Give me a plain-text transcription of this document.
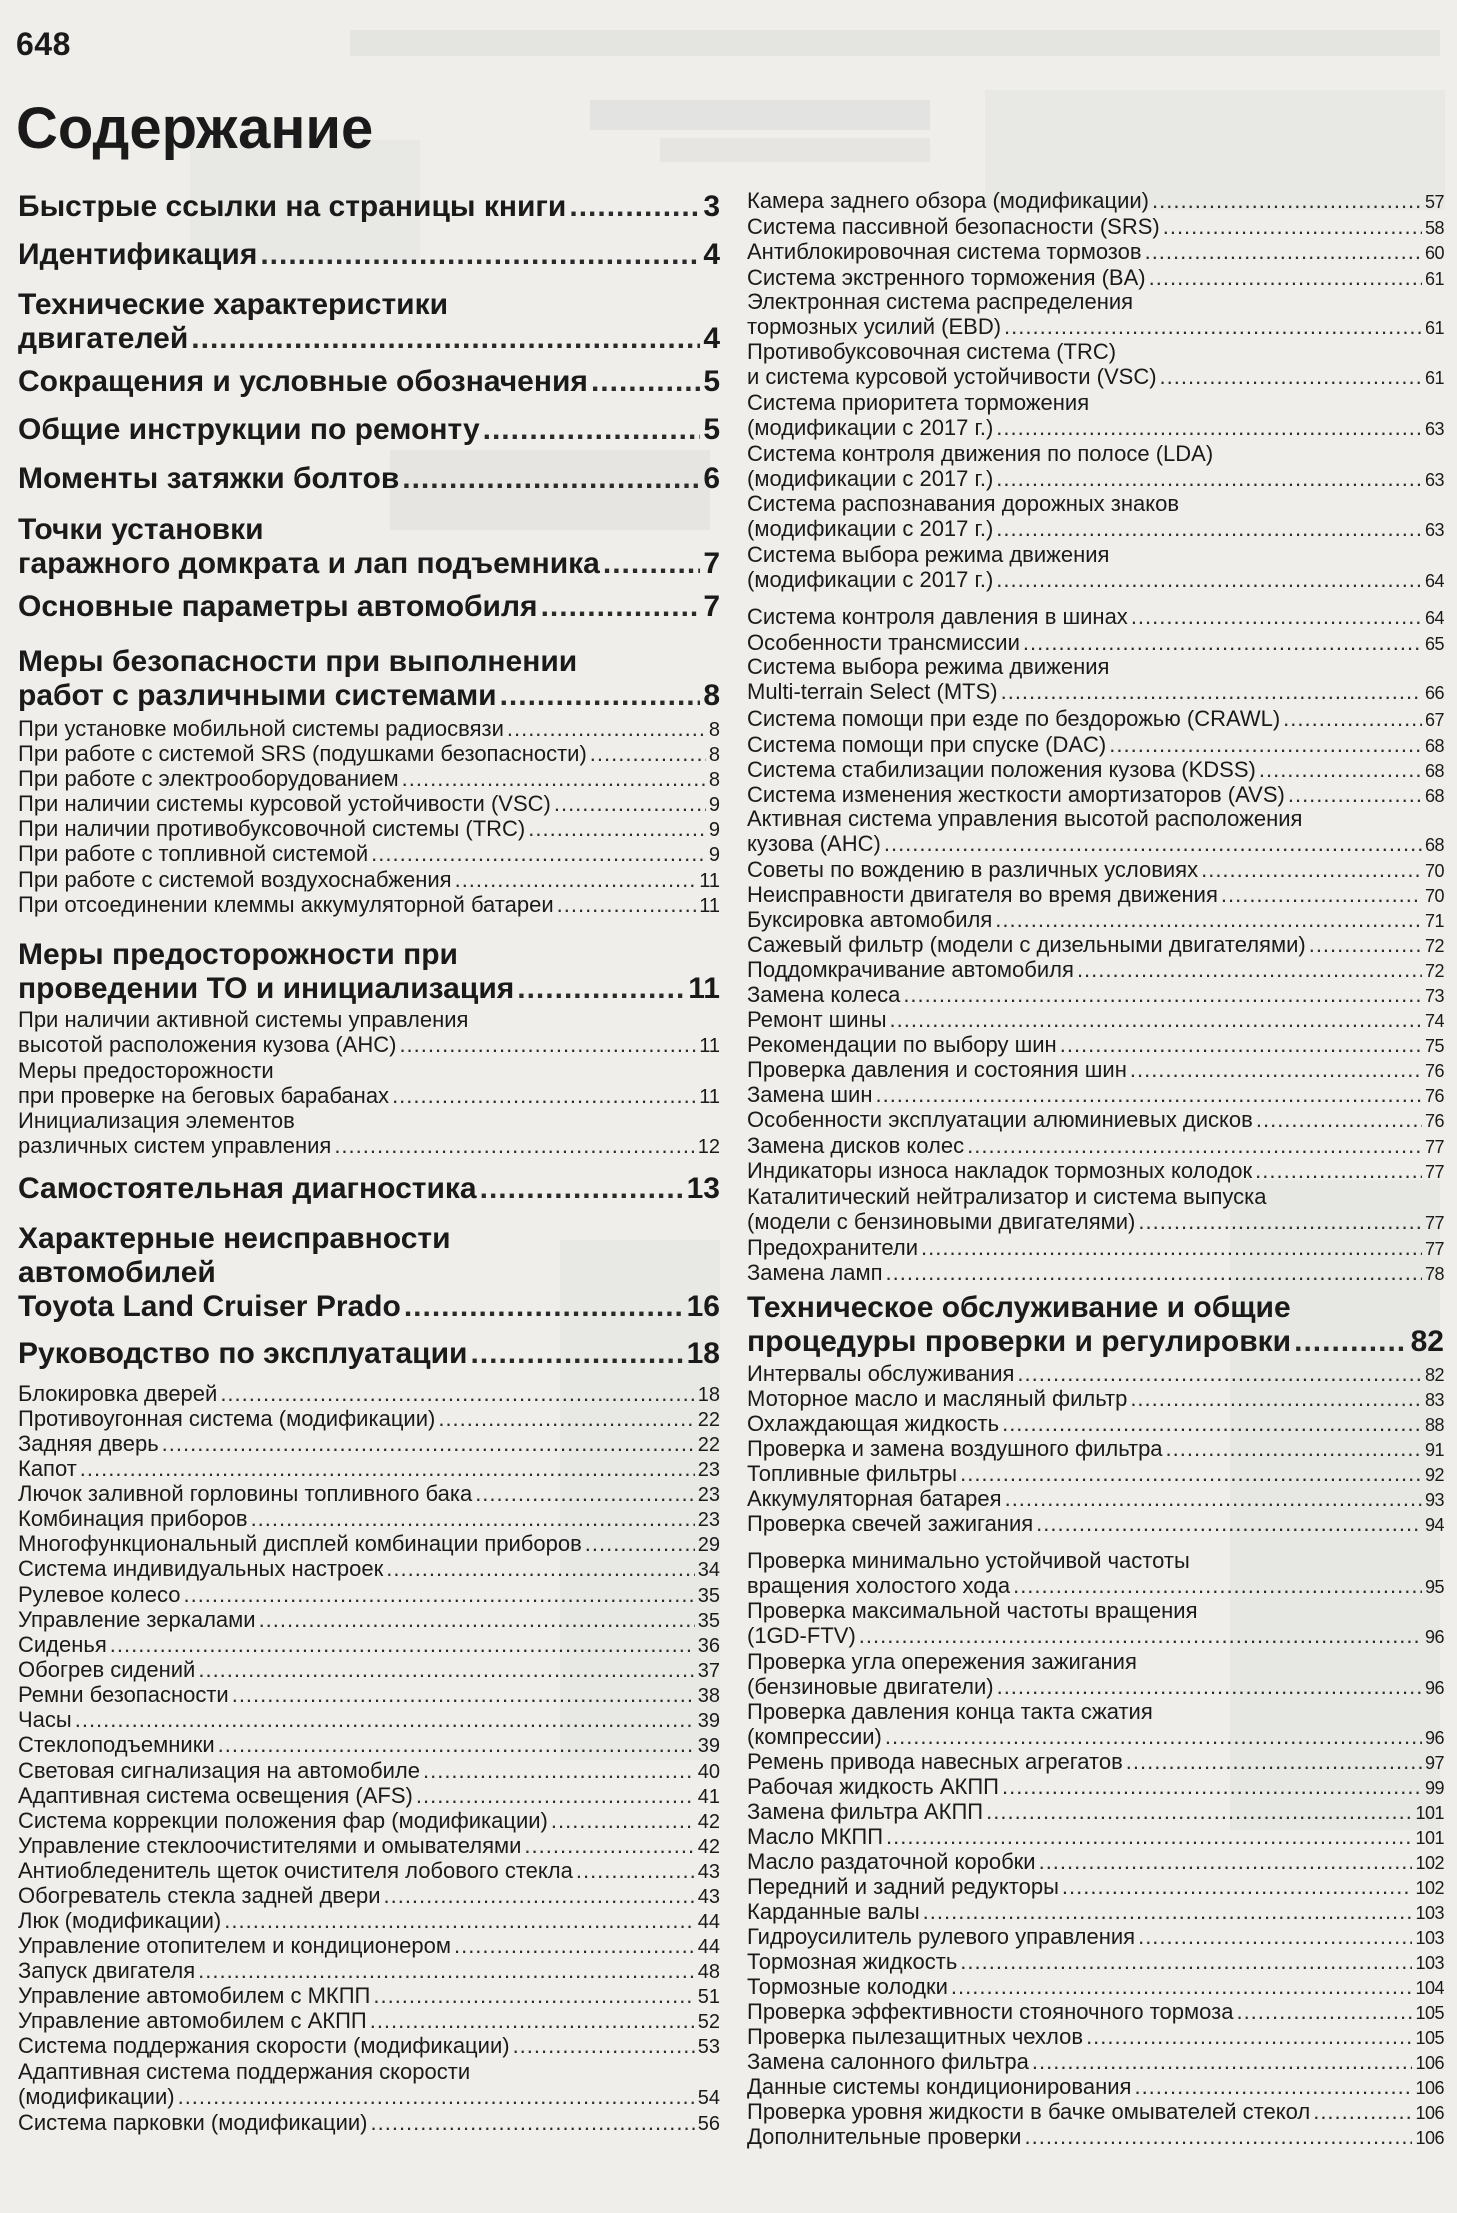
648
Содержание
Быстрые ссылки на страницы книги .....	3
Идентификация .....	4
Технические характеристики
двигателей .....	4
Сокращения и условные обозначения .....	5
Общие инструкции по ремонту .....	5
Моменты затяжки болтов .....	6
Точки установки
гаражного домкрата и лап подъемника .....	7
Основные параметры автомобиля .....	7
Меры безопасности при выполнении
работ с различными системами .....	8
При установке мобильной системы радиосвязи .....	8
При работе с системой SRS (подушками безопасности) .....	8
При работе с электрооборудованием .....	8
При наличии системы курсовой устойчивости (VSC) .....	9
При наличии противобуксовочной системы (TRC) .....	9
При работе с топливной системой .....	9
При работе с системой воздухоснабжения .....	11
При отсоединении клеммы аккумуляторной батареи .....	11
Меры предосторожности при
проведении ТО и инициализация .....	11
При наличии активной системы управления
высотой расположения кузова (AHC) .....	11
Меры предосторожности
при проверке на беговых барабанах .....	11
Инициализация элементов
различных систем управления .....	12
Самостоятельная диагностика .....	13
Характерные неисправности
автомобилей
Toyota Land Cruiser Prado .....	16
Руководство по эксплуатации .....	18
Блокировка дверей .....	18
Противоугонная система (модификации) .....	22
Задняя дверь .....	22
Капот .....	23
Лючок заливной горловины топливного бака .....	23
Комбинация приборов .....	23
Многофункциональный дисплей комбинации приборов .....	29
Система индивидуальных настроек .....	34
Рулевое колесо .....	35
Управление зеркалами .....	35
Сиденья .....	36
Обогрев сидений .....	37
Ремни безопасности .....	38
Часы .....	39
Стеклоподъемники .....	39
Световая сигнализация на автомобиле .....	40
Адаптивная система освещения (AFS) .....	41
Система коррекции положения фар (модификации) .....	42
Управление стеклоочистителями и омывателями .....	42
Антиобледенитель щеток очистителя лобового стекла .....	43
Обогреватель стекла задней двери .....	43
Люк (модификации) .....	44
Управление отопителем и кондиционером .....	44
Запуск двигателя .....	48
Управление автомобилем с МКПП .....	51
Управление автомобилем с АКПП .....	52
Система поддержания скорости (модификации) .....	53
Адаптивная система поддержания скорости
(модификации) .....	54
Система парковки (модификации) .....	56
Камера заднего обзора (модификации) .....	57
Система пассивной безопасности (SRS) .....	58
Антиблокировочная система тормозов .....	60
Система экстренного торможения (BA) .....	61
Электронная система распределения
тормозных усилий (EBD) .....	61
Противобуксовочная система (TRC)
и система курсовой устойчивости (VSC) .....	61
Система приоритета торможения
(модификации с 2017 г.) .....	63
Система контроля движения по полосе (LDA)
(модификации с 2017 г.) .....	63
Система распознавания дорожных знаков
(модификации с 2017 г.) .....	63
Система выбора режима движения
(модификации с 2017 г.) .....	64
Система контроля давления в шинах .....	64
Особенности трансмиссии .....	65
Система выбора режима движения
Multi-terrain Select (MTS) .....	66
Система помощи при езде по бездорожью (CRAWL) .....	67
Система помощи при спуске (DAC) .....	68
Система стабилизации положения кузова (KDSS) .....	68
Система изменения жесткости амортизаторов (AVS) .....	68
Активная система управления высотой расположения
кузова (AHC) .....	68
Советы по вождению в различных условиях .....	70
Неисправности двигателя во время движения .....	70
Буксировка автомобиля .....	71
Сажевый фильтр (модели с дизельными двигателями) .....	72
Поддомкрачивание автомобиля .....	72
Замена колеса .....	73
Ремонт шины .....	74
Рекомендации по выбору шин .....	75
Проверка давления и состояния шин .....	76
Замена шин .....	76
Особенности эксплуатации алюминиевых дисков .....	76
Замена дисков колес .....	77
Индикаторы износа накладок тормозных колодок .....	77
Каталитический нейтрализатор и система выпуска
(модели с бензиновыми двигателями) .....	77
Предохранители .....	77
Замена ламп .....	78
Техническое обслуживание и общие
процедуры проверки и регулировки .....	82
Интервалы обслуживания .....	82
Моторное масло и масляный фильтр .....	83
Охлаждающая жидкость .....	88
Проверка и замена воздушного фильтра .....	91
Топливные фильтры .....	92
Аккумуляторная батарея .....	93
Проверка свечей зажигания .....	94
Проверка минимально устойчивой частоты
вращения холостого хода .....	95
Проверка максимальной частоты вращения
(1GD-FTV) .....	96
Проверка угла опережения зажигания
(бензиновые двигатели) .....	96
Проверка давления конца такта сжатия
(компрессии) .....	96
Ремень привода навесных агрегатов .....	97
Рабочая жидкость АКПП .....	99
Замена фильтра АКПП .....	101
Масло МКПП .....	101
Масло раздаточной коробки .....	102
Передний и задний редукторы .....	102
Карданные валы .....	103
Гидроусилитель рулевого управления .....	103
Тормозная жидкость .....	103
Тормозные колодки .....	104
Проверка эффективности стояночного тормоза .....	105
Проверка пылезащитных чехлов .....	105
Замена салонного фильтра .....	106
Данные системы кондиционирования .....	106
Проверка уровня жидкости в бачке омывателей стекол .....	106
Дополнительные проверки .....	106
